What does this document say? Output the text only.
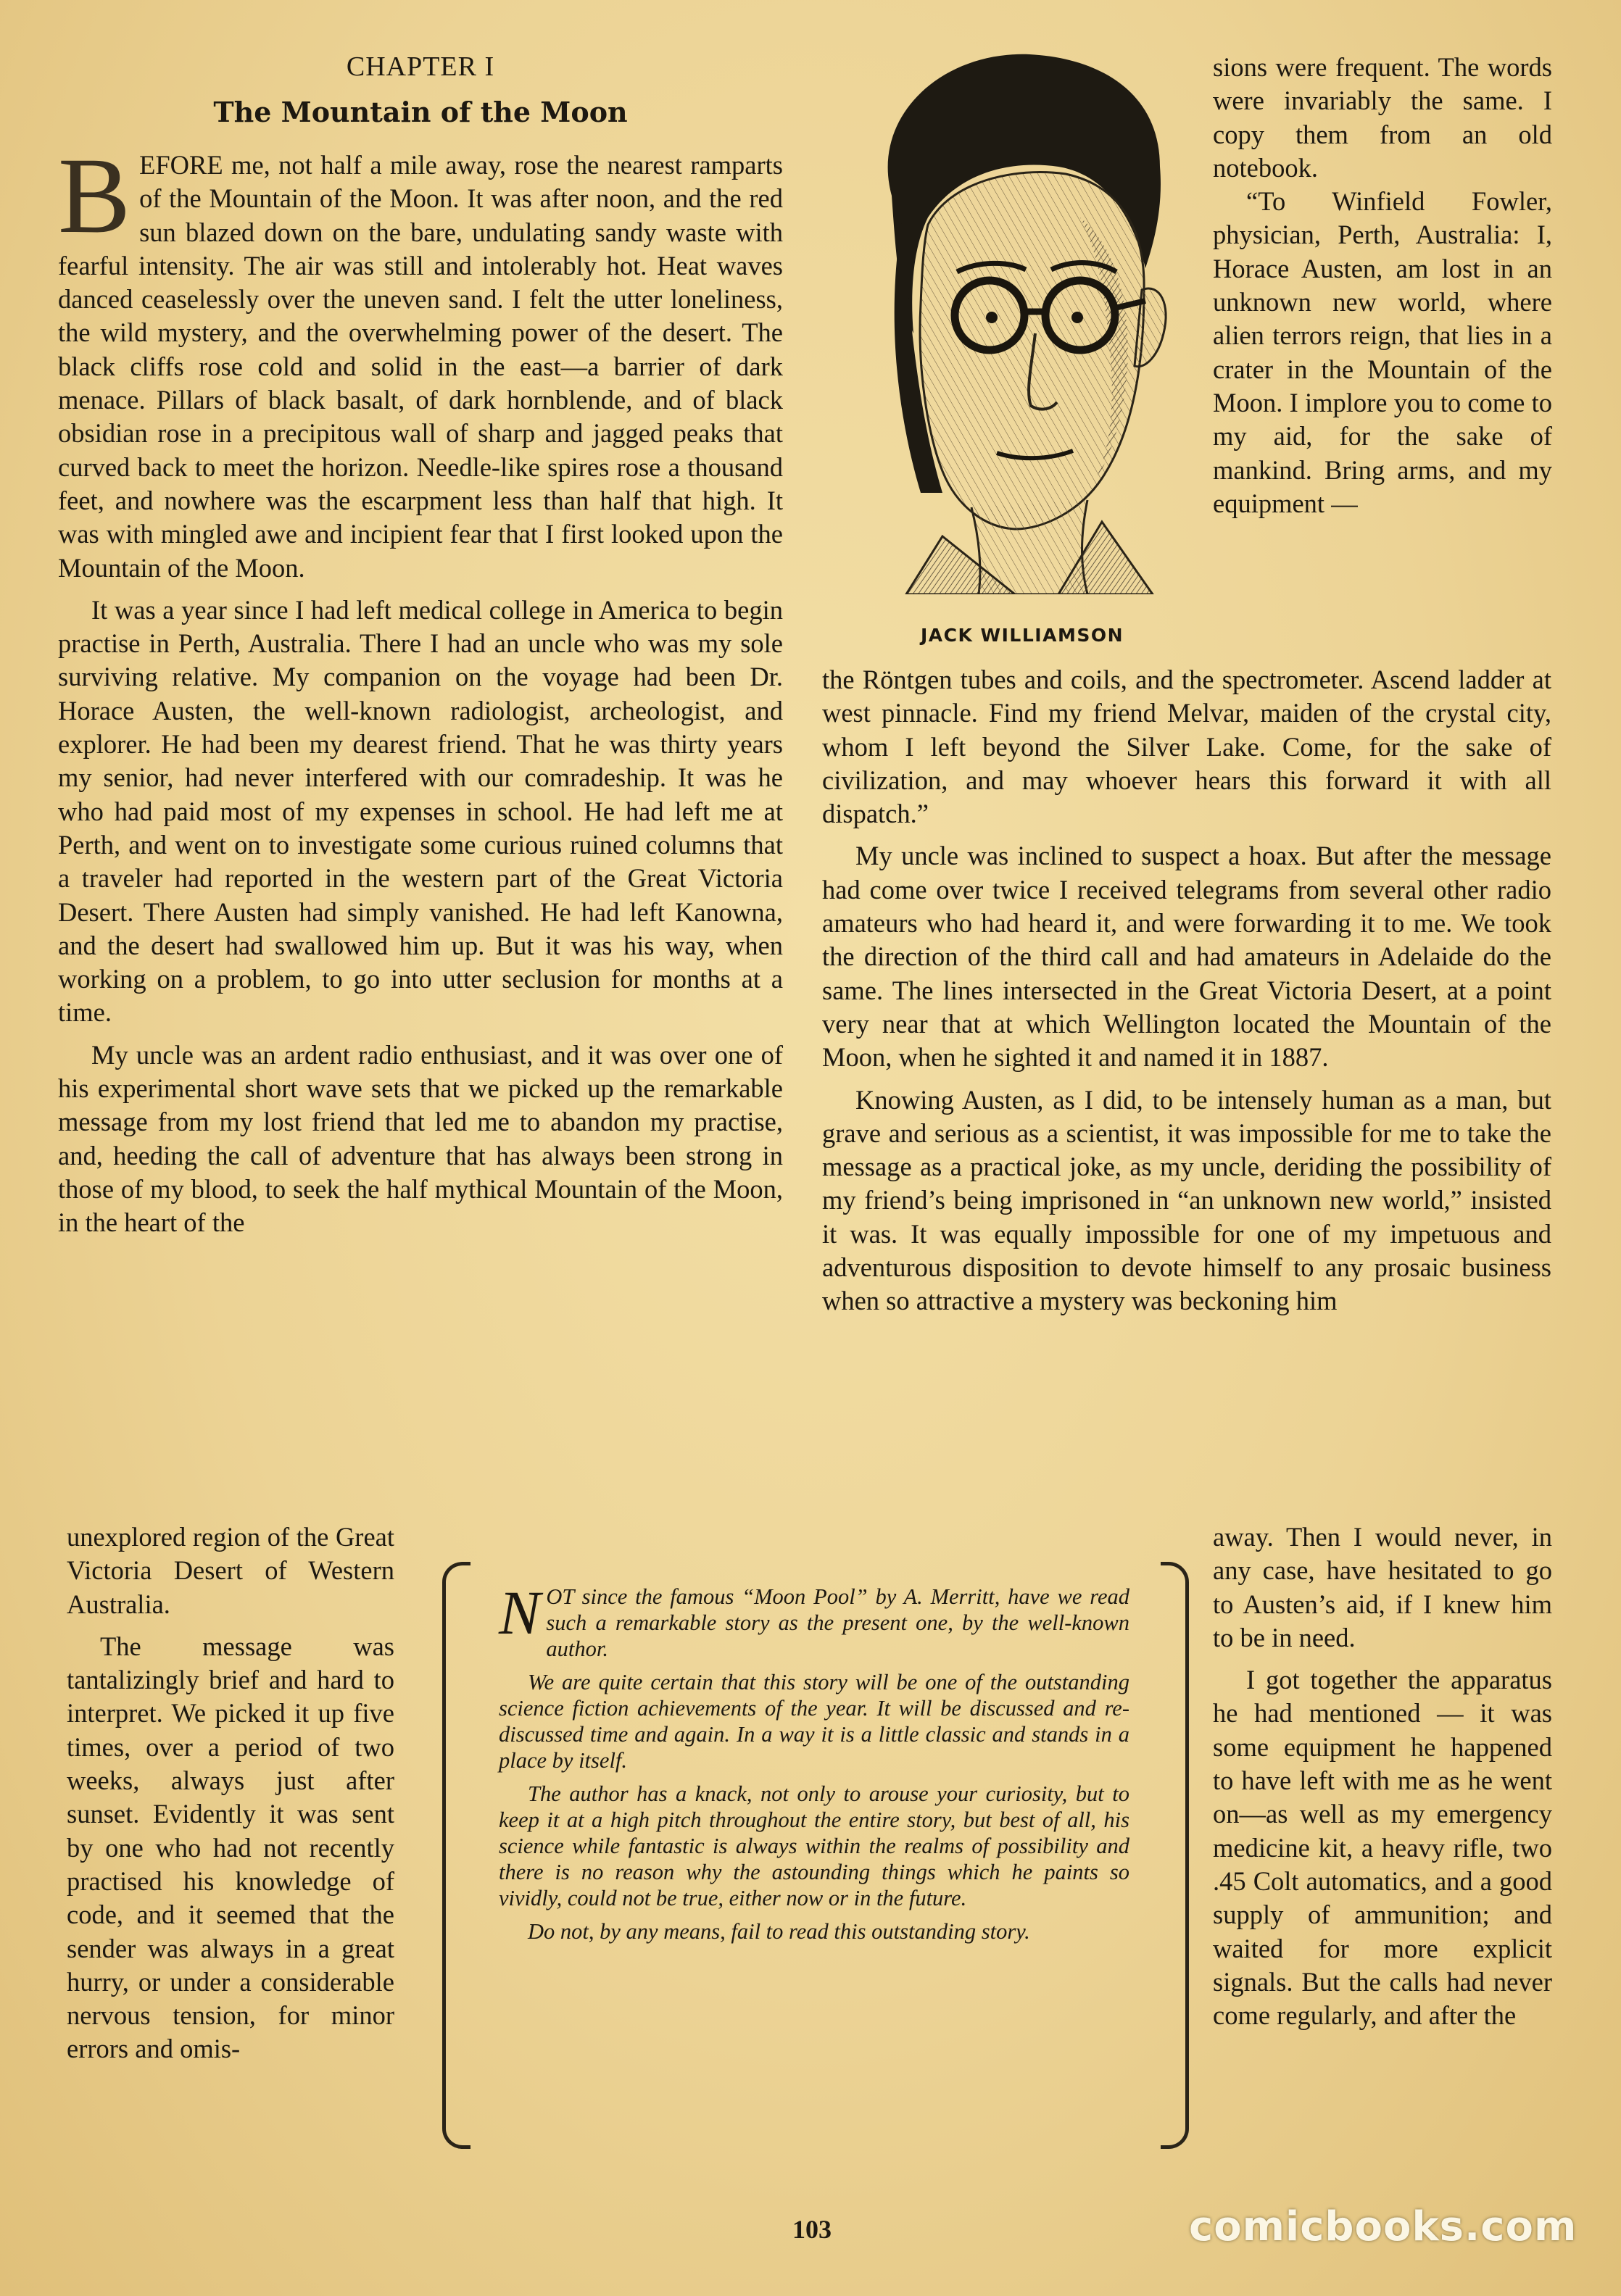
CHAPTER I
The Mountain of the Moon

BEFORE me, not half a mile away, rose the nearest ramparts of the Mountain of the Moon. It was after noon, and the red sun blazed down on the bare, undulating sandy waste with fearful intensity. The air was still and intolerably hot. Heat waves danced ceaselessly over the uneven sand. I felt the utter loneliness, the wild mystery, and the overwhelming power of the desert. The black cliffs rose cold and solid in the east—a barrier of dark menace. Pillars of black basalt, of dark hornblende, and of black obsidian rose in a precipitous wall of sharp and jagged peaks that curved back to meet the horizon. Needle-like spires rose a thousand feet, and nowhere was the escarpment less than half that high. It was with mingled awe and incipient fear that I first looked upon the Mountain of the Moon.

It was a year since I had left medical college in America to begin practise in Perth, Australia. There I had an uncle who was my sole surviving relative. My companion on the voyage had been Dr. Horace Austen, the well-known radiologist, archeologist, and explorer. He had been my dearest friend. That he was thirty years my senior, had never interfered with our comradeship. It was he who had paid most of my expenses in school. He had left me at Perth, and went on to investigate some curious ruined columns that a traveler had reported in the western part of the Great Victoria Desert. There Austen had simply vanished. He had left Kanowna, and the desert had swallowed him up. But it was his way, when working on a problem, to go into utter seclusion for months at a time.

My uncle was an ardent radio enthusiast, and it was over one of his experimental short wave sets that we picked up the remarkable message from my lost friend that led me to abandon my practise, and, heeding the call of adventure that has always been strong in those of my blood, to seek the half mythical Mountain of the Moon, in the heart of the

unexplored region of the Great Victoria Desert of Western Australia.

The message was tantalizingly brief and hard to interpret. We picked it up five times, over a period of two weeks, always just after sunset. Evidently it was sent by one who had not recently practised his knowledge of code, and it seemed that the sender was always in a great hurry, or under a considerable nervous tension, for minor errors and omis-

JACK WILLIAMSON

sions were frequent. The words were invariably the same. I copy them from an old notebook.

“To Winfield Fowler, physician, Perth, Australia: I, Horace Austen, am lost in an unknown new world, where alien terrors reign, that lies in a crater in the Mountain of the Moon. I implore you to come to my aid, for the sake of mankind. Bring arms, and my equipment —

the Röntgen tubes and coils, and the spectrometer. Ascend ladder at west pinnacle. Find my friend Melvar, maiden of the crystal city, whom I left beyond the Silver Lake. Come, for the sake of civilization, and may whoever hears this forward it with all dispatch.”

My uncle was inclined to suspect a hoax. But after the message had come over twice I received telegrams from several other radio amateurs who had heard it, and were forwarding it to me. We took the direction of the third call and had amateurs in Adelaide do the same. The lines intersected in the Great Victoria Desert, at a point very near that at which Wellington located the Mountain of the Moon, when he sighted it and named it in 1887.

Knowing Austen, as I did, to be intensely human as a man, but grave and serious as a scientist, it was impossible for me to take the message as a practical joke, as my uncle, deriding the possibility of my friend’s being imprisoned in “an unknown new world,” insisted it was. It was equally impossible for one of my impetuous and adventurous disposition to devote himself to any prosaic business when so attractive a mystery was beckoning him

away. Then I would never, in any case, have hesitated to go to Austen’s aid, if I knew him to be in need.

I got together the apparatus he had mentioned — it was some equipment he happened to have left with me as he went on—as well as my emergency medicine kit, a heavy rifle, two .45 Colt automatics, and a good supply of ammunition; and waited for more explicit signals. But the calls had never come regularly, and after the

NOT since the famous “Moon Pool” by A. Merritt, have we read such a remarkable story as the present one, by the well-known author.

We are quite certain that this story will be one of the outstanding science fiction achievements of the year. It will be discussed and re-discussed time and again. In a way it is a little classic and stands in a place by itself.

The author has a knack, not only to arouse your curiosity, but to keep it at a high pitch throughout the entire story, but best of all, his science while fantastic is always within the realms of possibility and there is no reason why the astounding things which he paints so vividly, could not be true, either now or in the future.

Do not, by any means, fail to read this outstanding story.

103	comicbooks.com
